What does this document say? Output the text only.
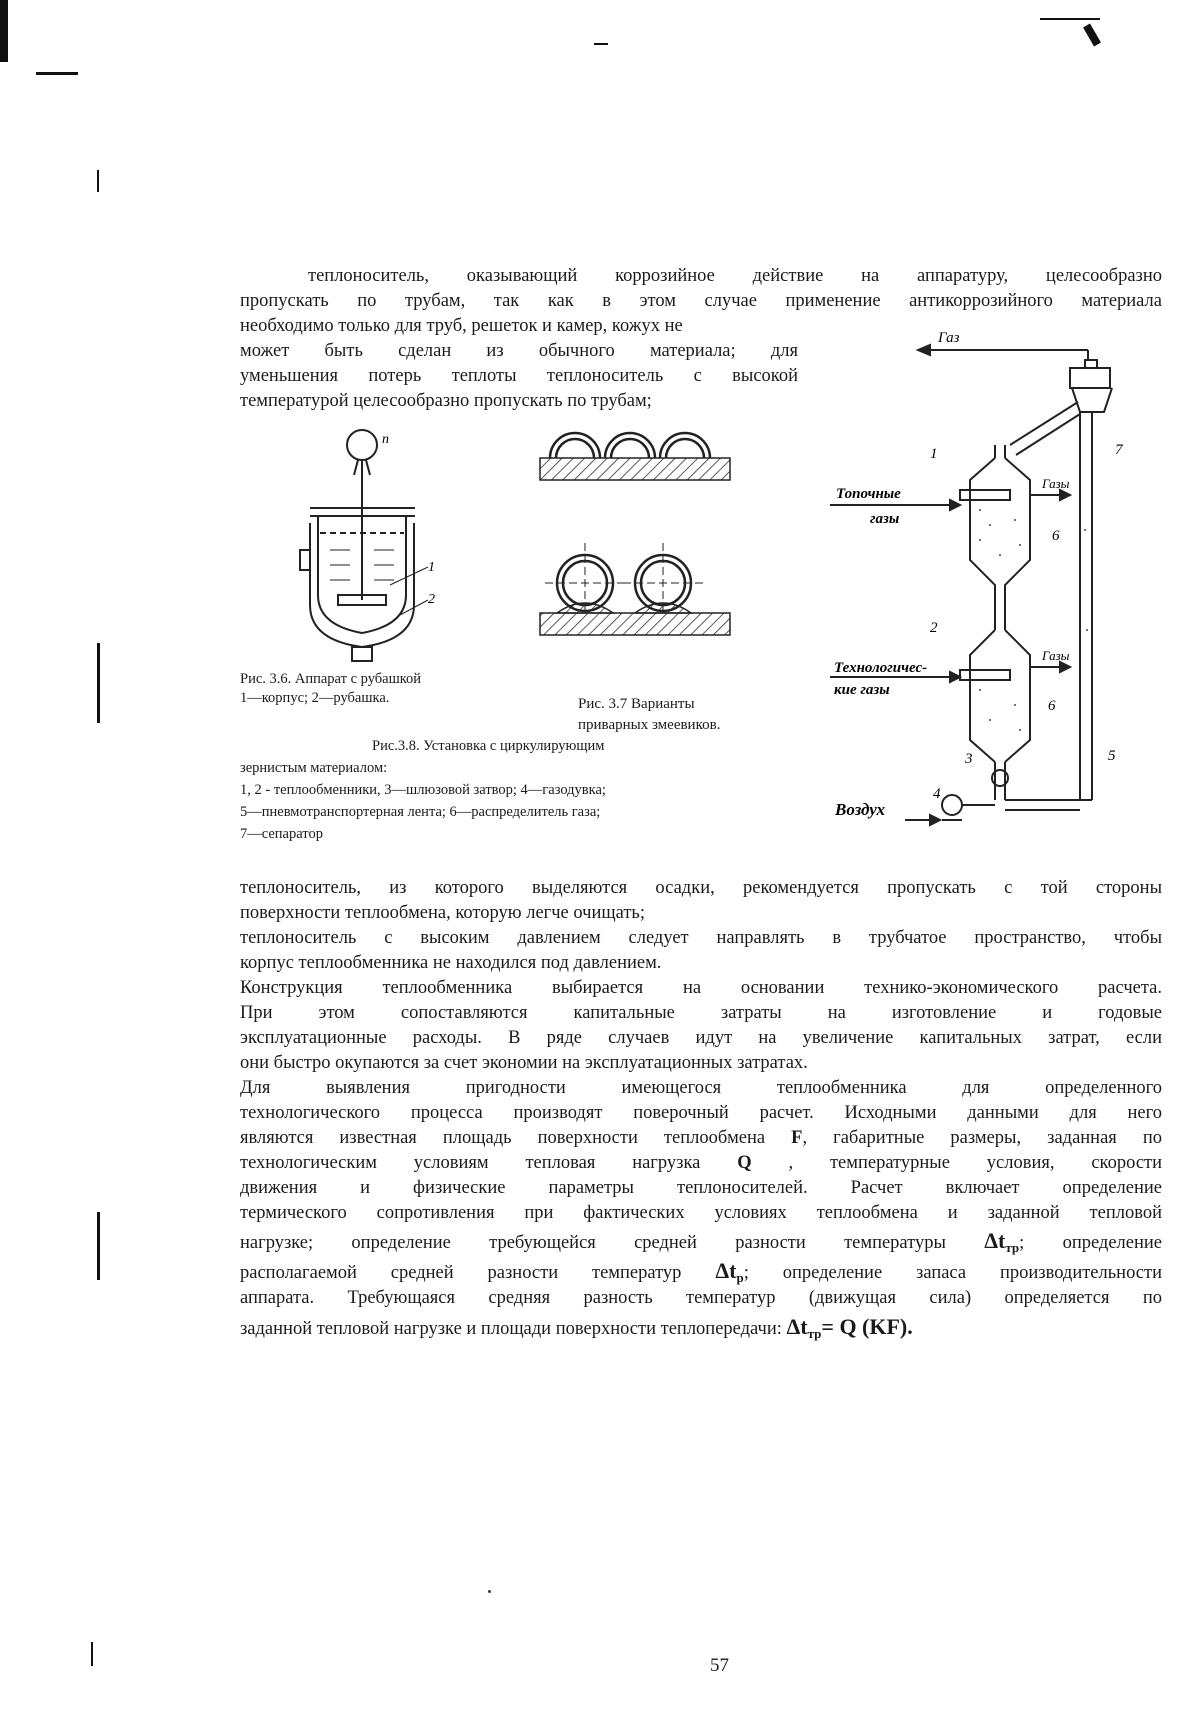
теплоноситель, оказывающий коррозийное действие на аппаратуру, целесообразно
пропускать по трубам, так как в этом случае применение антикоррозийного материала
необходимо только для труб, решеток и камер, кожух не
может быть сделан из обычного материала; для
уменьшения потерь теплоты теплоноситель с высокой
температурой целесообразно пропускать по трубам;
n
1
2
Рис. 3.6. Аппарат с рубашкой
1—корпус; 2—рубашка.	Рис. 3.7 Варианты
приварных змеевиков.
Рис.3.8. Установка с циркулирующим
зернистым материалом:
1, 2 - теплообменники, 3—шлюзовой затвор; 4—газодувка;
5—пневмотранспортерная лента; 6—распределитель газа;
7—сепаратор
Газ
Газы
Газы
Топочные
газы
Технологичес-
кие газы
Воздух
1
2
3
4
5
6
6
7
теплоноситель, из которого выделяются осадки, рекомендуется пропускать с той стороны
поверхности теплообмена, которую легче очищать;
теплоноситель с высоким давлением следует направлять в трубчатое пространство, чтобы
корпус теплообменника не находился под давлением.
Конструкция теплообменника выбирается на основании технико-экономического расчета.
При этом сопоставляются капитальные затраты на изготовление и годовые
эксплуатационные расходы. В ряде случаев идут на увеличение капитальных затрат, если
они быстро окупаются за счет экономии на эксплуатационных затратах.
Для выявления пригодности имеющегося теплообменника для определенного
технологического процесса производят поверочный расчет. Исходными данными для него
являются известная площадь поверхности теплообмена F, габаритные размеры, заданная по
технологическим условиям тепловая нагрузка Q , температурные условия, скорости
движения и физические параметры теплоносителей. Расчет включает определение
термического сопротивления при фактических условиях теплообмена и заданной тепловой
нагрузке; определение требующейся средней разности температуры $\Delta t_{тр}$; определение
располагаемой средней разности температур $\Delta t_р$; определение запаса производительности
аппарата. Требующаяся средняя разность температур (движущая сила) определяется по
заданной тепловой нагрузке и площади поверхности теплопередачи: $\Delta t_{тр}= Q$ (KF).
57
